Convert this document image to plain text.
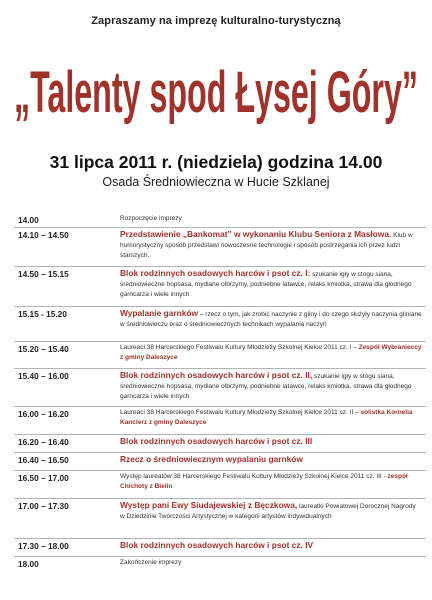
Zapraszamy na imprezę kulturalno-turystyczną
„Talenty spod Łysej Góry”
31 lipca 2011 r. (niedziela) godzina 14.00
Osada Średniowieczna w Hucie Szklanej
14.00	Rozpoczęcie imprezy
14.10 – 14.50	Przedstawienie „Bankomat” w wykonaniu Klubu Seniora z Masłowa. Klub w humorystyczny sposób przedstawi nowoczesne technologie i sposób postrzegania ich przez ludzi starszych.
14.50 – 15.15	Blok rodzinnych osadowych harców i psot cz. I: szukanie igły w stogu siana, średniowieczne hopsasa, mydlane olbrzymy, podniebne latawce, relaks kmiotka, strawa dla głodnego garncarza i wiele innych
15.15 - 15.20	Wypalanie garnków – rzecz o tym, jak zrobić naczynie z gliny i do czego służyły naczynia gliniane w średniowieczu oraz o średniowiecznych technikach wypalania naczyń
15.20 – 15.40	Laureaci 38 Harcerskiego Festiwalu Kultury Młodzieży Szkolnej Kielce 2011 cz. I – Zespół Wybranieccy z gminy Daleszyce
15.40 – 16.00	Blok rodzinnych osadowych harców i psot cz. II, szukanie igły w stogu siana, średniowieczne hopsasa, mydlane olbrzymy, podniebne latawce, relaks kmiotka, strawa dla głodnego garncarza i wiele innych
16.00 – 16.20	Laureaci 38 Harcerskiego Festiwalu Kultury Młodzieży Szkolnej Kielce 2011 cz. II – solistka Kornelia Kanclerz z gminy Daleszyce
16.20 – 16.40	Blok rodzinnych osadowych harców i psot cz. III
16.40 – 16.50	Rzecz o średniowiecznym wypalaniu garnków
16.50 – 17.00	Występ laureatów 38 Harcerskiego Festiwalu Kultury Młodzieży Szkolnej Kielce 2011 cz. III - zespół Chichoty z Bielin
17.00 – 17.30	Występ pani Ewy Siudajewskiej z Bęczkowa, laureatki Powiatowej Dorocznej Nagrody w Dziedzinie Twórczości Artystycznej w kategorii artystów indywidualnych
17.30 – 18.00	Blok rodzinnych osadowych harców i psot cz. IV
18.00	Zakończenie imprezy
